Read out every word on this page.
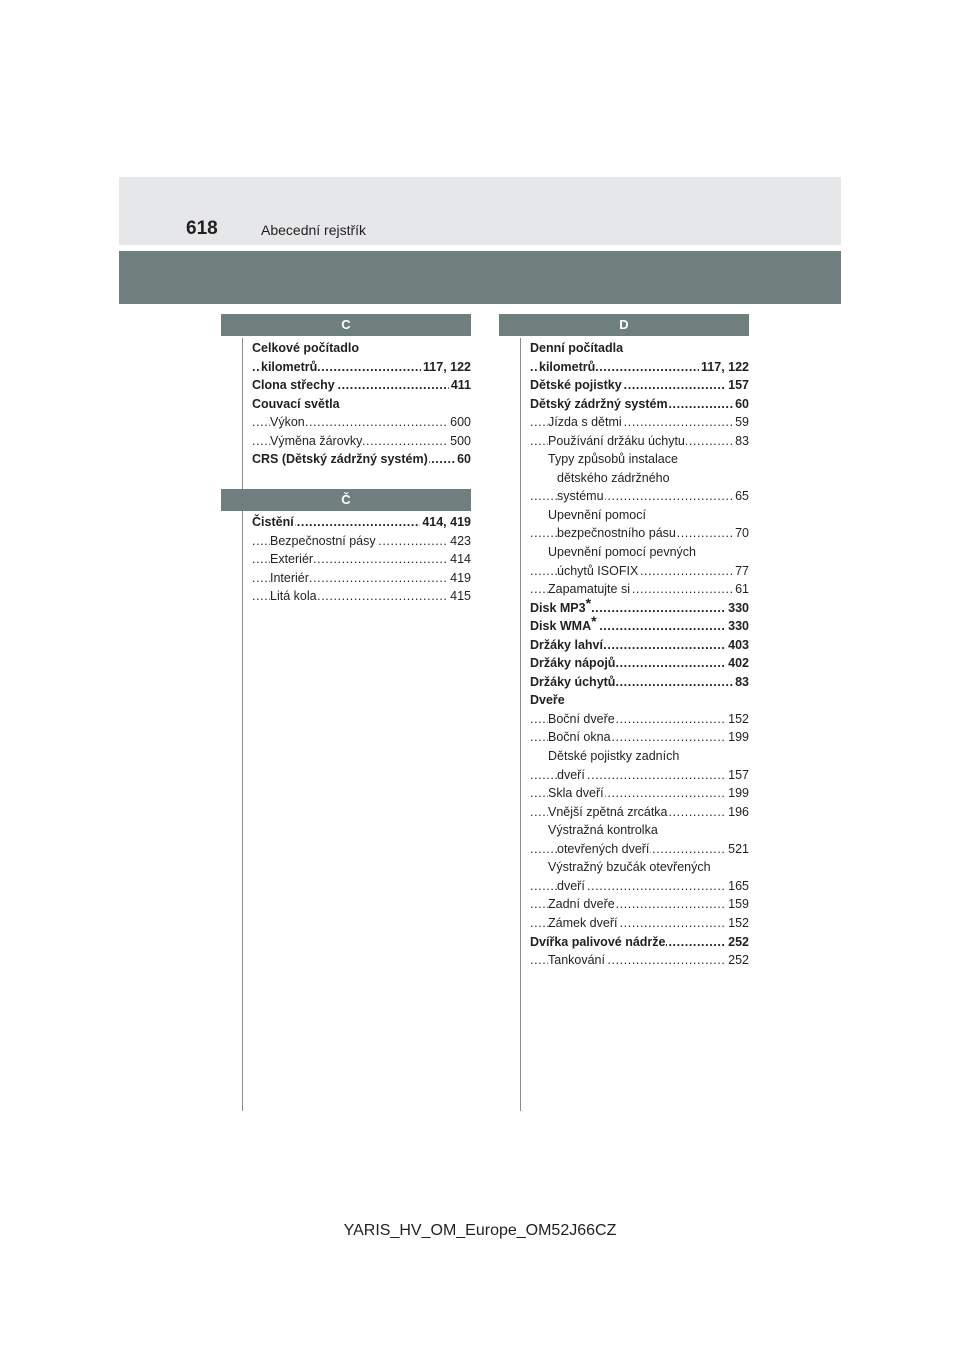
618	Abecední rejstřík
C
Č
D
Celkové počítadlo
.....
kilometrů	117, 122
.....
Clona střechy	411
Couvací světla
.....
Výkon	600
.....
Výměna žárovky	500
.....
CRS (Dětský zádržný systém) 60
.....
Čistění	414, 419
.....
Bezpečnostní pásy	423
.....
Exteriér	414
.....
Interiér	419
.....
Litá kola	415
Denní počítadla
.....
kilometrů	117, 122
.....
Dětské pojistky	157
.....
Dětský zádržný systém	60
.....
Jízda s dětmi	59
.....
Používání držáku úchytu	83
Typy způsobů instalace
dětského zádržného
.....
systému	65
Upevnění pomocí
.....
bezpečnostního pásu	70
Upevnění pomocí pevných
.....
úchytů ISOFIX	77
.....
Zapamatujte si	61
.....
Disk MP3*	330
.....
Disk WMA*	330
.....
Držáky lahví	403
.....
Držáky nápojů	402
.....
Držáky úchytů	83
Dveře
.....
Boční dveře	152
.....
Boční okna	199
Dětské pojistky zadních
.....
dveří	157
.....
Skla dveří	199
.....
Vnější zpětná zrcátka	196
Výstražná kontrolka
.....
otevřených dveří	521
Výstražný bzučák otevřených
.....
dveří	165
.....
Zadní dveře	159
.....
Zámek dveří	152
.....
Dvířka palivové nádrže	252
.....
Tankování	252
YARIS_HV_OM_Europe_OM52J66CZ
